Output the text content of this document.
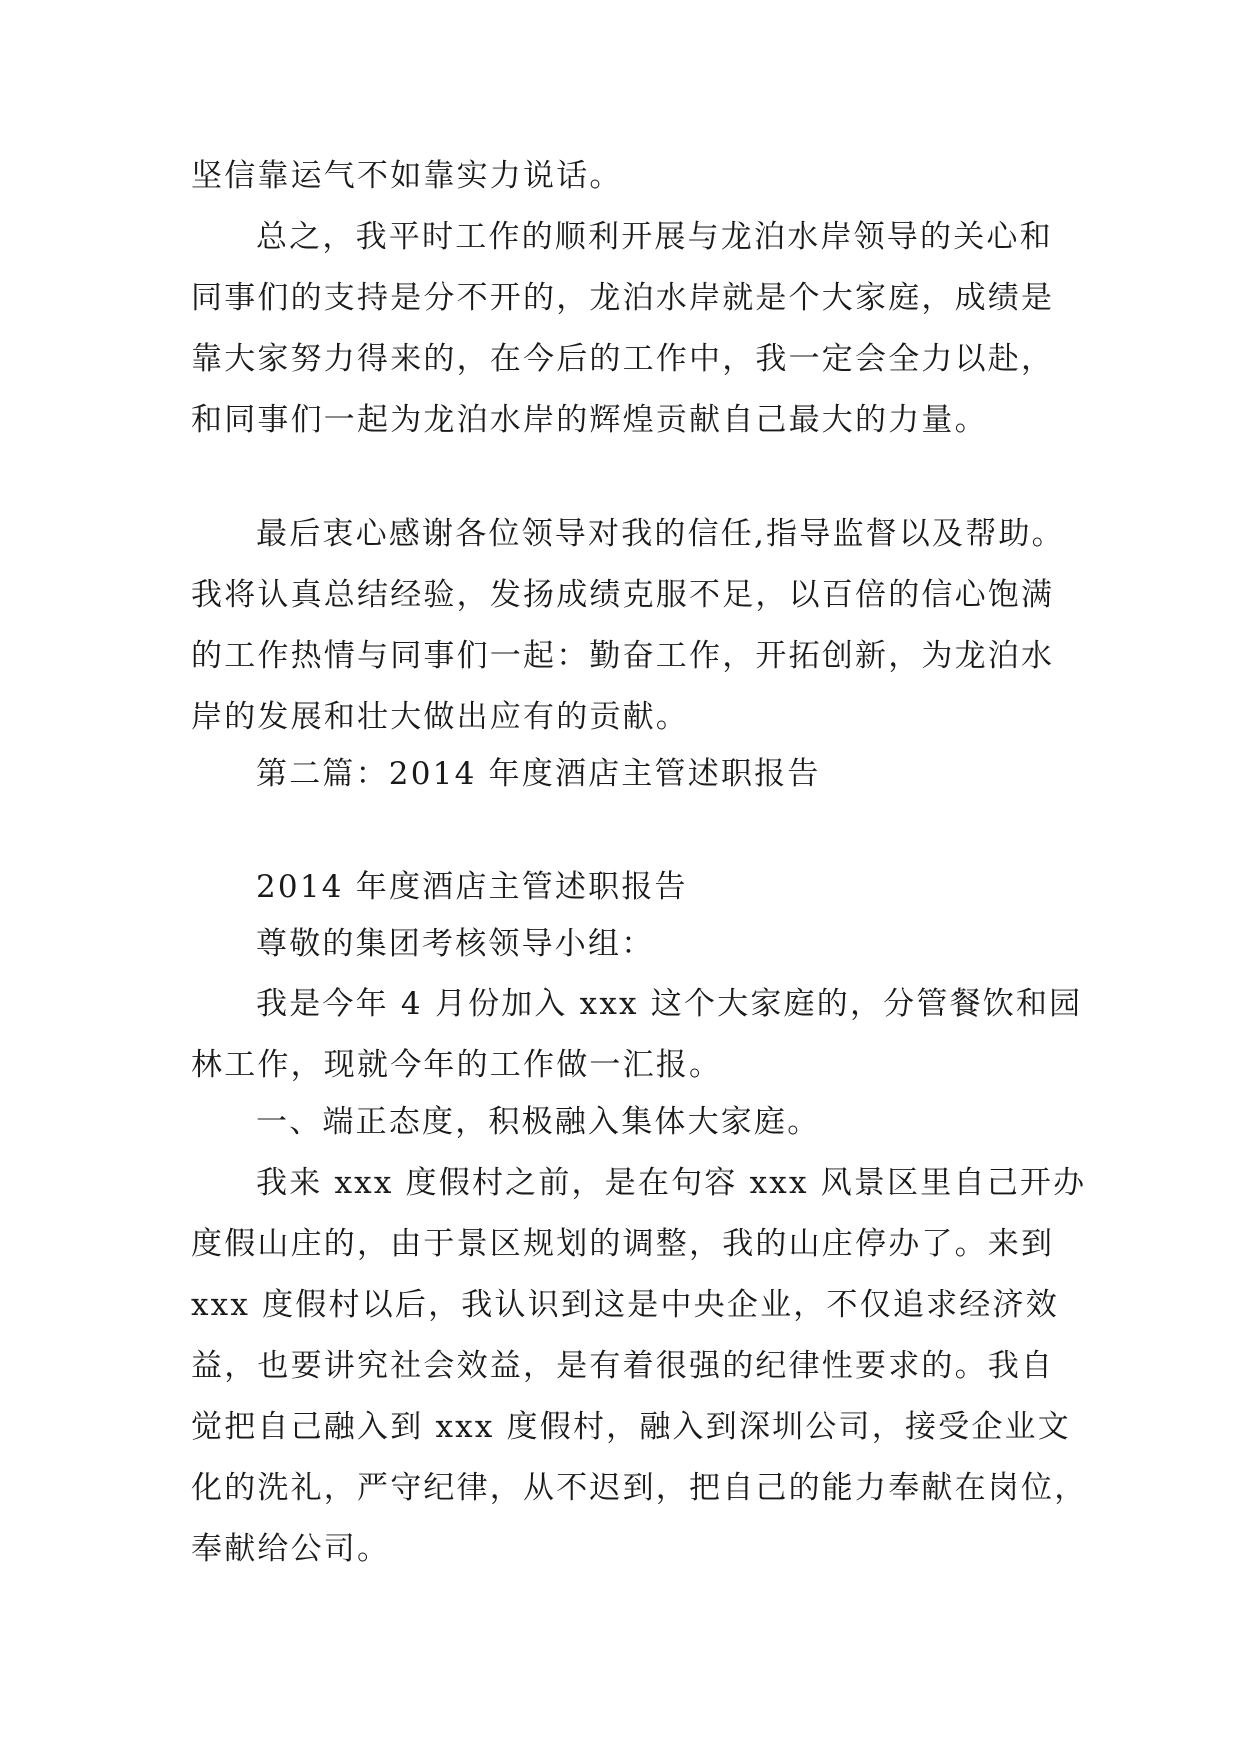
坚信靠运气不如靠实力说话。
总之，我平时工作的顺利开展与龙泊水岸领导的关心和
同事们的支持是分不开的，龙泊水岸就是个大家庭，成绩是
靠大家努力得来的，在今后的工作中，我一定会全力以赴，
和同事们一起为龙泊水岸的辉煌贡献自己最大的力量。
最后衷心感谢各位领导对我的信任,指导监督以及帮助。
我将认真总结经验，发扬成绩克服不足，以百倍的信心饱满
的工作热情与同事们一起：勤奋工作，开拓创新，为龙泊水
岸的发展和壮大做出应有的贡献。
第二篇：2014 年度酒店主管述职报告
2014 年度酒店主管述职报告
尊敬的集团考核领导小组：
我是今年 4 月份加入 xxx 这个大家庭的，分管餐饮和园
林工作，现就今年的工作做一汇报。
一、端正态度，积极融入集体大家庭。
我来 xxx 度假村之前，是在句容 xxx 风景区里自己开办
度假山庄的，由于景区规划的调整，我的山庄停办了。来到
xxx 度假村以后，我认识到这是中央企业，不仅追求经济效
益，也要讲究社会效益，是有着很强的纪律性要求的。我自
觉把自己融入到 xxx 度假村，融入到深圳公司，接受企业文
化的洗礼，严守纪律，从不迟到，把自己的能力奉献在岗位，
奉献给公司。
